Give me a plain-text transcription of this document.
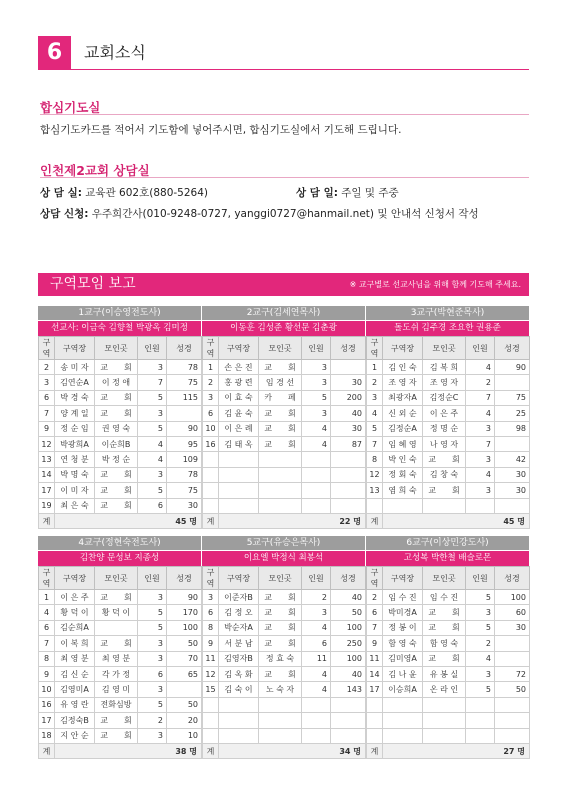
6	교회소식
합심기도실
합심기도카드를 적어서 기도함에 넣어주시면, 합심기도실에서 기도해 드립니다.
인천제2교회 상담실
상 담 실: 교육관 602호(880-5264)	상 담 일: 주일 및 주중
상담 신청: 우주희간사(010-9248-0727, yanggi0727@hanmail.net) 및 안내석 신청서 작성
구역모임 보고	※ 교구별로 선교사님을 위해 함께 기도해 주세요.
1교구(이승영전도사)
선교사: 이금숙 김향철 박광옥 김미정
구역	구역장	모인곳	인원	성경
2	송 미 자	교　　회	3	78
3	김연순A	이 정 애	7	75
6	박 경 숙	교　　회	5	115
7	양 계 일	교　　회	3	
9	정 순 임	권 영 숙	5	90
12	박광희A	이순희B	4	95
13	연 청 분	박 정 순	4	109
14	박 명 숙	교　　회	3	78
17	이 미 자	교　　회	5	75
19	최 은 숙	교　　회	6	30
계	45 명			
2교구(김세연목사)
이동훈 김성준 황선문 김춘광
구역	구역장	모인곳	인원	성경
1	손 은 진	교　　회	3	
2	홍 광 련	임 경 선	3	30
3	이 효 숙	카　　페	5	200
6	김 윤 숙	교　　회	3	40
10	이 은 례	교　　회	4	30
16	김 태 옥	교　　회	4	87

계	22 명			
3교구(박현준목사)
돌도쉬 김주경 조요한 권용준
구역	구역장	모인곳	인원	성경
1	김 인 숙	김 복 희	4	90
2	조 영 자	조 영 자	2	
3	최광자A	김정순C	7	75
4	신 외 순	이 은 주	4	25
5	김정순A	정 명 순	3	98
7	임 혜 영	나 영 자	7	
8	박 인 숙	교　　회	3	42
12	정 회 숙	김 창 숙	4	30
13	염 희 숙	교　　회	3	30

계	45 명			
4교구(정현숙전도사)
김찬양 문성보 지종성
구역	구역장	모인곳	인원	성경
1	이 은 주	교　　회	3	90
4	황 덕 이	황 덕 이	5	170
6	김순희A		5	100
7	이 복 희	교　　회	3	50
8	최 영 분	최 영 분	3	70
9	김 신 순	각 가 정	6	65
10	김영미A	김 영 미	3	
16	유 영 란	전화심방	5	50
17	김정숙B	교　　회	2	20
18	지 안 순	교　　회	3	10
계	38 명			
5교구(유승은목사)
이요엘 박정식 최봉석
구역	구역장	모인곳	인원	성경
3	이준자B	교　　회	2	40
6	김 정 오	교　　회	3	50
8	박순자A	교　　회	4	100
9	서 분 남	교　　회	6	250
11	김영자B	정 효 숙	11	100
12	김 옥 화	교　　회	4	40
15	김 숙 이	노 숙 자	4	143

계	34 명			
6교구(이상민강도사)
고성복 박한철 배슬로몬
구역	구역장	모인곳	인원	성경
2	임 수 진	임 수 진	5	100
6	박미경A	교　　회	3	60
7	정 봉 이	교　　회	5	30
9	함 영 숙	함 영 숙	2	
11	김미영A	교　　회	4	
14	김 나 윤	유 봉 실	3	72
17	이승희A	온 라 인	5	50

계	27 명			
